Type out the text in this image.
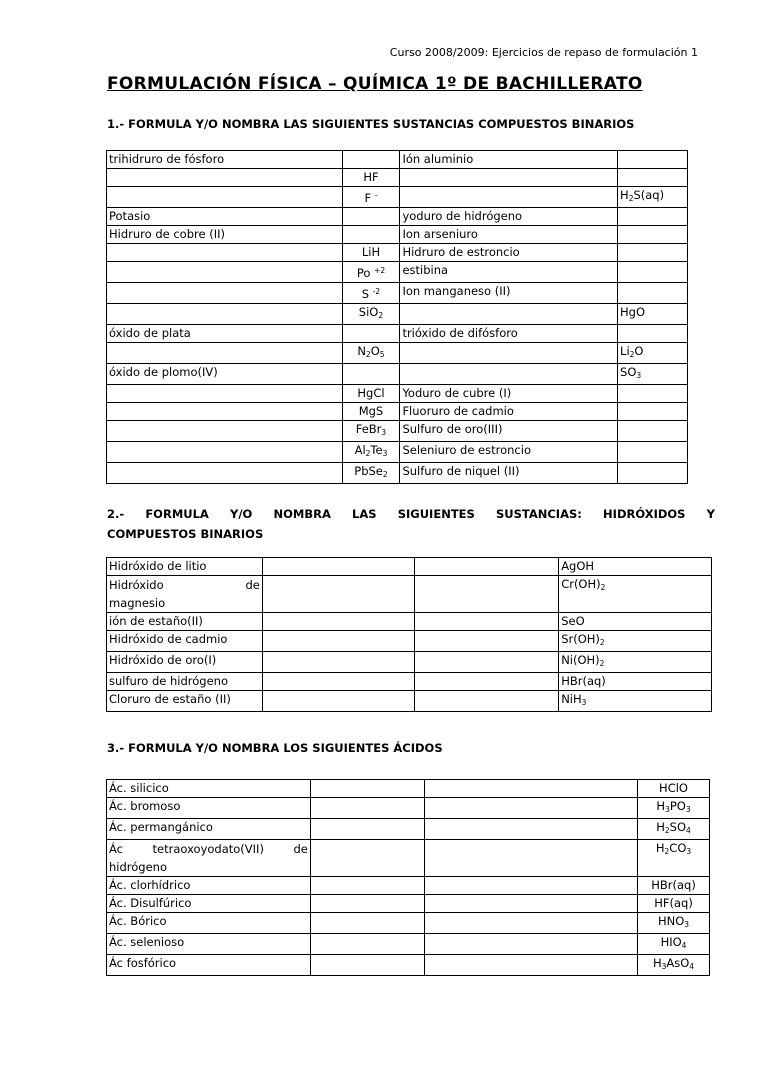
Curso 2008/2009: Ejercicios de repaso de formulación 1
FORMULACIÓN FÍSICA – QUÍMICA 1º DE BACHILLERATO
1.- FORMULA Y/O NOMBRA LAS SIGUIENTES SUSTANCIAS COMPUESTOS BINARIOS
trihidruro de fósforo		Ión aluminio	
	HF		
	F -		$H_2S(aq)$
Potasio		yoduro de hidrógeno	
Hidruro de cobre (II)		Ion arseniuro	
	LiH	Hidruro de estroncio	
	Po $^{+2}$	estibina	
	S $^{-2}$	Ion manganeso (II)	
	SiO$_2$		HgO
óxido de plata		trióxido de difósforo	
	$N_2O_5$		$Li_2O$
óxido de plomo(IV)			$SO_3$
	HgCl	Yoduro de cubre (I)	
	MgS	Fluoruro de cadmio	
	FeBr$_3$	Sulfuro de oro(III)	
	$Al_2Te_3$	Seleniuro de estroncio	
	PbSe$_2$	Sulfuro de niquel (II)	
2.- FORMULA Y/O NOMBRA LAS SIGUIENTES SUSTANCIAS: HIDRÓXIDOS Y
COMPUESTOS BINARIOS
Hidróxido de litio			AgOH

Hidróxido de
magnesio			$Cr(OH)_2$
ión de estaño(II)			SeO
Hidróxido de cadmio			$Sr(OH)_2$
Hidróxido de oro(I)			$Ni(OH)_2$
sulfuro de hidrógeno			HBr(aq)
Cloruro de estaño (II)			NiH$_3$
3.- FORMULA Y/O NOMBRA LOS SIGUIENTES ÁCIDOS
Ác. silicico			HClO
Ác. bromoso			$H_3PO_3$
Ác. permangánico			$H_2SO_4$

Ác tetraoxoyodato(VII) de
hidrógeno			$H_2CO_3$
Ác. clorhídrico			HBr(aq)
Ác. Disulfúrico			HF(aq)
Ác. Bórico			$HNO_3$
Ác. selenioso			$HIO_4$
Ác fosfórico			$H_3AsO_4$
